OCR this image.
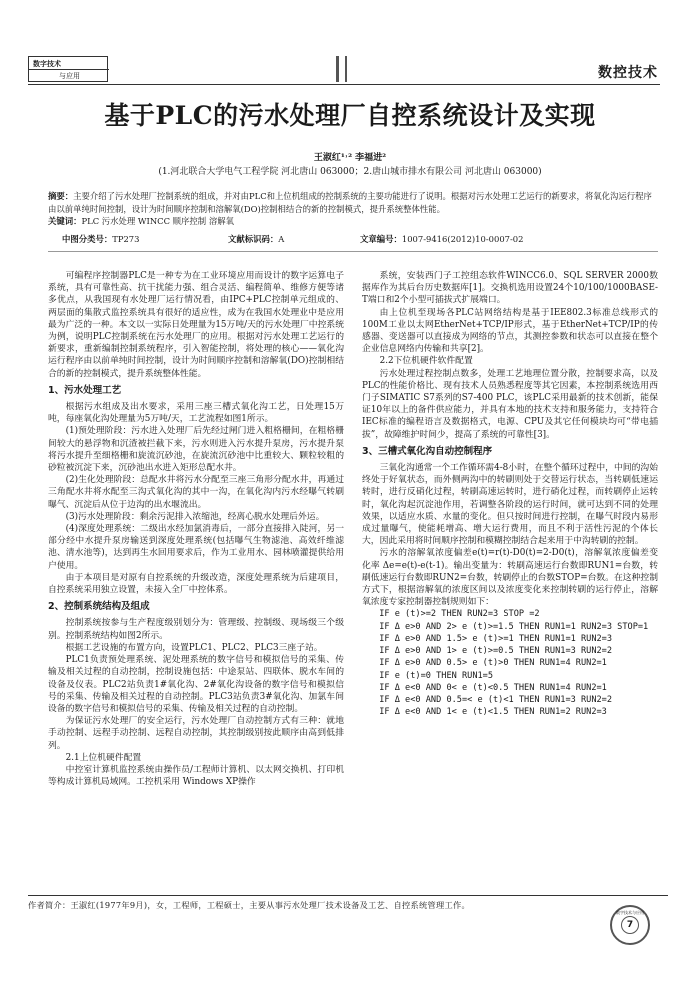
数字技术
与应用	数控技术
基于PLC的污水处理厂自控系统设计及实现
王淑红¹˒² 李福进²
(1.河北联合大学电气工程学院 河北唐山 063000；2.唐山城市排水有限公司 河北唐山 063000)
摘要：主要介绍了污水处理厂控制系统的组成，并对由PLC和上位机组成的控制系统的主要功能进行了说明。根据对污水处理工艺运行的新要求，将氧化沟运行程序由以前单纯时间控制，设计为时间顺序控制和溶解氧(DO)控制相结合的新的控制模式，提升系统整体性能。
关键词：PLC 污水处理 WINCC 顺序控制 溶解氧
中图分类号：TP273	文献标识码：A	文章编号：1007-9416(2012)10-0007-02

可编程序控制器PLC是一种专为在工业环境应用而设计的数字运算电子系统，具有可靠性高、抗干扰能力强、组合灵活、编程简单、维修方便等诸多优点，从我国现有水处理厂运行情况看，由IPC+PLC控制单元组成的、两层面的集散式监控系统具有很好的适应性，成为在我国水处理业中是应用最为广泛的一种。本文以一实际日处理量为15万吨/天的污水处理厂中控系统为例，说明PLC控制系统在污水处理厂的应用。根据对污水处理工艺运行的新要求，重新编制控制系统程序，引入智能控制，将处理的核心——氧化沟运行程序由以前单纯时间控制，设计为时间顺序控制和溶解氧(DO)控制相结合的新的控制模式，提升系统整体性能。

1、污水处理工艺

根据污水组成及出水要求，采用三座三槽式氧化沟工艺，日处理15万吨，每座氧化沟处理量为5万吨/天，工艺流程如图1所示。

(1)预处理阶段：污水进入处理厂后先经过闸门进入粗格栅间，在粗格栅间较大的悬浮物和沉渣被拦截下来，污水则进入污水提升泵房，污水提升泵将污水提升至细格栅和旋流沉砂池，在旋流沉砂池中比重较大、颗粒较粗的砂粒被沉淀下来，沉砂池出水进入矩形总配水井。

(2)生化处理阶段：总配水井将污水分配至三座三角形分配水井，再通过三角配水井将水配至三沟式氧化沟的其中一沟，在氧化沟内污水经曝气转刷曝气、沉淀后从位于边沟的出水堰流出。

(3)污水处理阶段：剩余污泥排入浓缩池，经离心脱水处理后外运。

(4)深度处理系统：二级出水经加氯消毒后，一部分直接排入陡河，另一部分经中水提升泵房输送到深度处理系统(包括曝气生物滤池、高效纤维滤池、清水池等)，达到再生水回用要求后，作为工业用水、园林喷灌提供给用户使用。

由于本项目是对原有自控系统的升级改造，深度处理系统为后建项目，自控系统采用独立设置，未接入全厂中控体系。

2、控制系统结构及组成

控制系统按参与生产程度级别划分为：管理级、控制级、现场级三个级别。控制系统结构如图2所示。

根据工艺设施的布置方向，设置PLC1、PLC2、PLC3三座子站。

PLC1负责预处理系统、泥处理系统的数字信号和模拟信号的采集、传输及相关过程的自动控制，控制设施包括：中途泵站、四联体、脱水车间的设备及仪表。PLC2站负责1#氧化沟、2#氧化沟设备的数字信号和模拟信号的采集、传输及相关过程的自动控制。PLC3站负责3#氧化沟、加氯车间设备的数字信号和模拟信号的采集、传输及相关过程的自动控制。

为保证污水处理厂的安全运行，污水处理厂自动控制方式有三种：就地手动控制、远程手动控制、远程自动控制，其控制级别按此顺序由高到低排列。

2.1上位机硬件配置

中控室计算机监控系统由操作员/工程师计算机、以太网交换机、打印机等构成计算机局域网。工控机采用 Windows XP操作

系统，安装西门子工控组态软件WINCC6.0、SQL SERVER 2000数据库作为其后台历史数据库[1]。交换机选用设置24个10/100/1000BASE-T端口和2个小型可插拔式扩展端口。

由上位机至现场各PLC站网络结构是基于IEE802.3标准总线形式的100M工业以太网EtherNet+TCP/IP形式，基于EtherNet+TCP/IP的传感器、变送器可以直接成为网络的节点，其测控参数和状态可以直接在整个企业信息网络内传输和共享[2]。

2.2下位机硬件软件配置

污水处理过程控制点数多，处理工艺地理位置分散，控制要求高，以及PLC的性能价格比、现有技术人员熟悉程度等其它因素，本控制系统选用西门子SIMATIC S7系列的S7-400 PLC，该PLC采用最新的技术创新，能保证10年以上的备件供应能力，并具有本地的技术支持和服务能力，支持符合IEC标准的编程语言及数据格式，电源、CPU及其它任何模块均可“带电插拔”，故障维护时间少，提高了系统的可靠性[3]。

3、三槽式氧化沟自动控制程序

三氧化沟通常一个工作循环需4-8小时，在整个循环过程中，中间的沟始终处于好氧状态，而外侧两沟中的转刷则处于交替运行状态，当转刷低速运转时，进行反硝化过程，转刷高速运转时，进行硝化过程，而转刷停止运转时，氧化沟起沉淀池作用，若调整各阶段的运行时间，就可达到不同的处理效果，以适应水质、水量的变化。但只按时间进行控制，在曝气时段内易形成过量曝气，使能耗增高、增大运行费用，而且不利于活性污泥的个体长大，因此采用将时间顺序控制和模糊控制结合起来用于中沟转刷的控制。

污水的溶解氧浓度偏差e(t)=r(t)-D0(t)=2-D0(t)，溶解氧浓度偏差变化率 Δe=e(t)-e(t-1)。输出变量为：转刷高速运行台数即RUN1=台数，转刷低速运行台数即RUN2=台数，转刷停止的台数STOP=台数。在这种控制方式下，根据溶解氧的浓度区间以及浓度变化来控制转刷的运行停止，溶解氧浓度专家控制器控制规则如下：

IF e (t)>=2 THEN RUN2=3 STOP =2
IF Δ e>0 AND 2> e (t)>=1.5 THEN RUN1=1 RUN2=3 STOP=1
IF Δ e>0 AND 1.5> e (t)>=1 THEN RUN1=1 RUN2=3
IF Δ e>0 AND 1> e (t)>=0.5 THEN RUN1=3 RUN2=2
IF Δ e>0 AND 0.5> e (t)>0 THEN RUN1=4 RUN2=1
IF e (t)=0 THEN RUN1=5
IF Δ e<0 AND 0< e (t)<0.5 THEN RUN1=4 RUN2=1
IF Δ e<0 AND 0.5=< e (t)<1 THEN RUN1=3 RUN2=2
IF Δ e<0 AND 1< e (t)<1.5 THEN RUN1=2 RUN2=3
作者简介：王淑红(1977年9月)，女，工程师，工程硕士，主要从事污水处理厂技术设备及工艺、自控系统管理工作。
数字技术与应用
7
